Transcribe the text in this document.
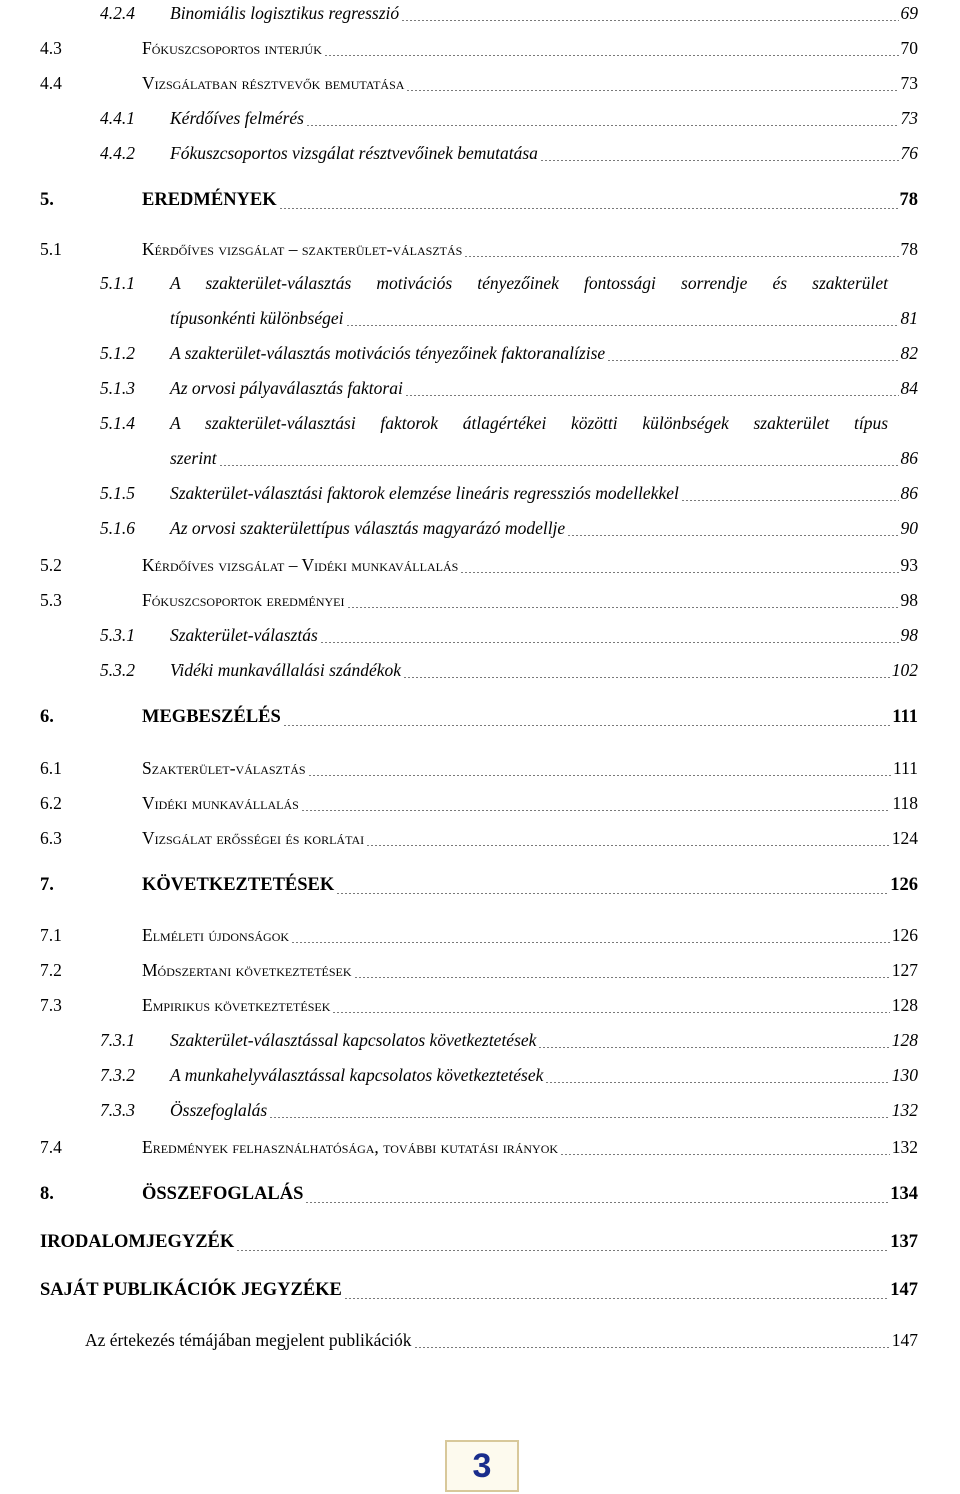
4.2.4 Binomiális logisztikus regresszió	69
4.3	Fókuszcsoportos interjúk	70
4.4	Vizsgálatban résztvevők bemutatása	73
4.4.1 Kérdőíves felmérés	73
4.4.2 Fókuszcsoportos vizsgálat résztvevőinek bemutatása	76
5.	EREDMÉNYEK	78
5.1	Kérdőíves vizsgálat – szakterület-választás	78
5.1.1 A szakterület-választás motivációs tényezőinek fontossági sorrendje és szakterület
típusonkénti különbségei	81
5.1.2 A szakterület-választás motivációs tényezőinek faktoranalízise	82
5.1.3 Az orvosi pályaválasztás faktorai	84
5.1.4 A szakterület-választási faktorok átlagértékei közötti különbségek szakterület típus
szerint	86
5.1.5 Szakterület-választási faktorok elemzése lineáris regressziós modellekkel	86
5.1.6 Az orvosi szakterülettípus választás magyarázó modellje	90
5.2	Kérdőíves vizsgálat – Vidéki munkavállalás	93
5.3	Fókuszcsoportok eredményei	98
5.3.1 Szakterület-választás	98
5.3.2 Vidéki munkavállalási szándékok	102
6.	MEGBESZÉLÉS	111
6.1	Szakterület-választás	111
6.2	Vidéki munkavállalás	118
6.3	Vizsgálat erősségei és korlátai	124
7.	KÖVETKEZTETÉSEK	126
7.1	Elméleti újdonságok	126
7.2	Módszertani következtetések	127
7.3	Empirikus következtetések	128
7.3.1 Szakterület-választással kapcsolatos következtetések	128
7.3.2 A munkahelyválasztással kapcsolatos következtetések	130
7.3.3 Összefoglalás	132
7.4	Eredmények felhasználhatósága, további kutatási irányok	132
8.	ÖSSZEFOGLALÁS	134
IRODALOMJEGYZÉK	137
SAJÁT PUBLIKÁCIÓK JEGYZÉKE	147
Az értekezés témájában megjelent publikációk	147
3
